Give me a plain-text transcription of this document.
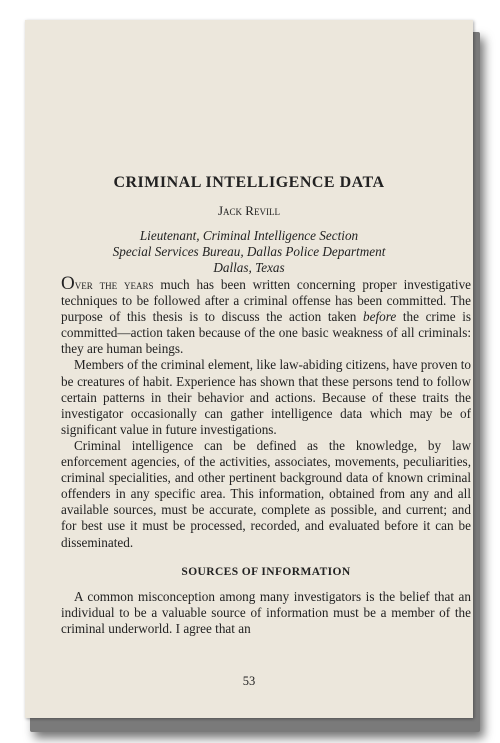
CRIMINAL INTELLIGENCE DATA
Jack Revill
Lieutenant, Criminal Intelligence Section
Special Services Bureau, Dallas Police Department
Dallas, Texas

Over the years much has been written concerning proper investigative techniques to be followed after a criminal offense has been committed. The purpose of this thesis is to discuss the action taken before the crime is committed—action taken because of the one basic weakness of all criminals: they are human beings.

Members of the criminal element, like law-abiding citizens, have proven to be creatures of habit. Experience has shown that these persons tend to follow certain patterns in their behavior and actions. Because of these traits the investigator occasionally can gather intelligence data which may be of significant value in future investigations.

Criminal intelligence can be defined as the knowledge, by law enforcement agencies, of the activities, associates, movements, peculiarities, criminal specialities, and other pertinent background data of known criminal offenders in any specific area. This information, obtained from any and all available sources, must be accurate, complete as possible, and current; and for best use it must be processed, recorded, and evaluated before it can be disseminated.

SOURCES OF INFORMATION

A common misconception among many investigators is the belief that an individual to be a valuable source of information must be a member of the criminal underworld. I agree that an

53
